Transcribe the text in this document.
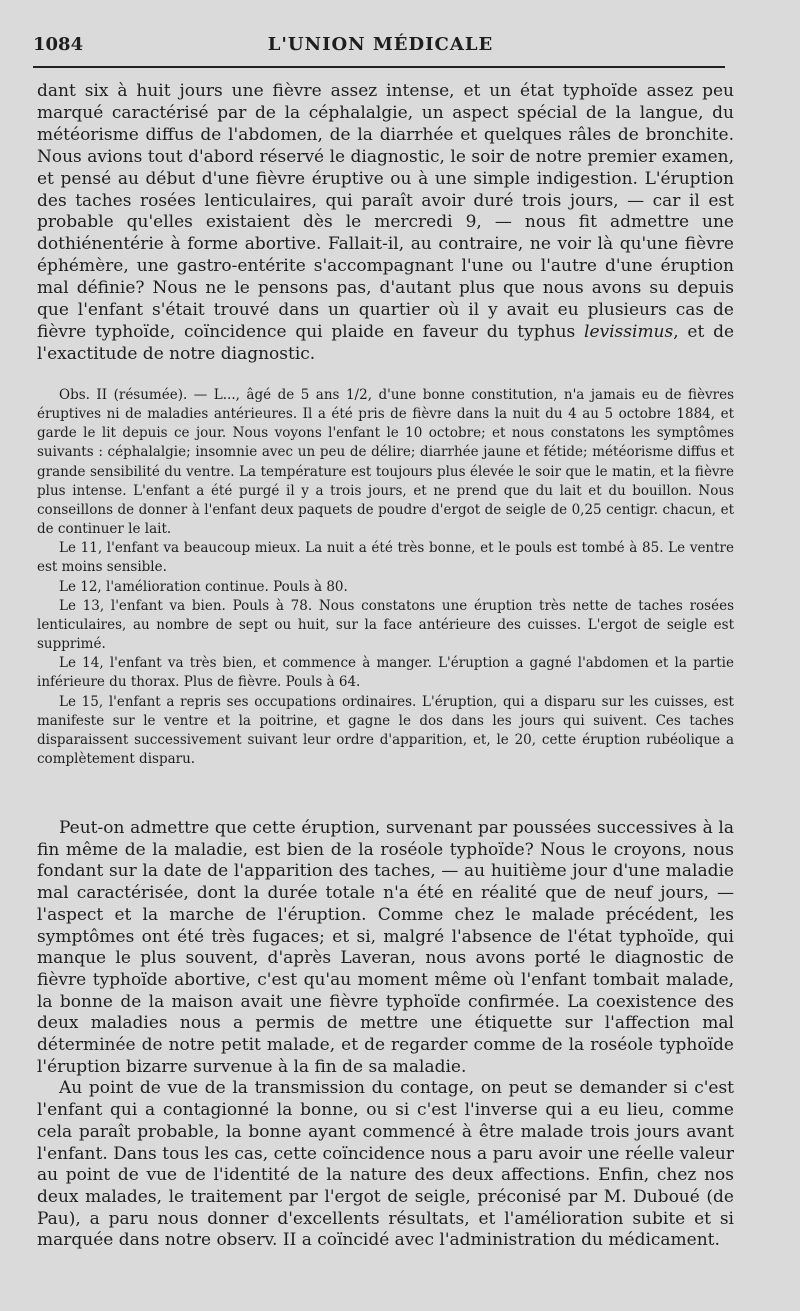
1084	L'UNION MÉDICALE

dant six à huit jours une fièvre assez intense, et un état typhoïde assez peu marqué caractérisé par de la céphalalgie, un aspect spécial de la langue, du météorisme diffus de l'abdomen, de la diarrhée et quelques râles de bronchite. Nous avions tout d'abord réservé le diagnostic, le soir de notre premier examen, et pensé au début d'une fièvre éruptive ou à une simple indigestion. L'éruption des taches rosées lenticulaires, qui paraît avoir duré trois jours, — car il est probable qu'elles existaient dès le mercredi 9, — nous fit admettre une dothiénentérie à forme abortive. Fallait-il, au contraire, ne voir là qu'une fièvre éphémère, une gastro-entérite s'accompagnant l'une ou l'autre d'une éruption mal définie? Nous ne le pensons pas, d'autant plus que nous avons su depuis que l'enfant s'était trouvé dans un quartier où il y avait eu plusieurs cas de fièvre typhoïde, coïncidence qui plaide en faveur du typhus levissimus, et de l'exactitude de notre diagnostic.

Obs. II (résumée). — L..., âgé de 5 ans 1/2, d'une bonne constitution, n'a jamais eu de fièvres éruptives ni de maladies antérieures. Il a été pris de fièvre dans la nuit du 4 au 5 octobre 1884, et garde le lit depuis ce jour. Nous voyons l'enfant le 10 octobre; et nous constatons les symptômes suivants : céphalalgie; insomnie avec un peu de délire; diarrhée jaune et fétide; météorisme diffus et grande sensibilité du ventre. La température est toujours plus élevée le soir que le matin, et la fièvre plus intense. L'enfant a été purgé il y a trois jours, et ne prend que du lait et du bouillon. Nous conseillons de donner à l'enfant deux paquets de poudre d'ergot de seigle de 0,25 centigr. chacun, et de continuer le lait.

Le 11, l'enfant va beaucoup mieux. La nuit a été très bonne, et le pouls est tombé à 85. Le ventre est moins sensible.

Le 12, l'amélioration continue. Pouls à 80.

Le 13, l'enfant va bien. Pouls à 78. Nous constatons une éruption très nette de taches rosées lenticulaires, au nombre de sept ou huit, sur la face antérieure des cuisses. L'ergot de seigle est supprimé.

Le 14, l'enfant va très bien, et commence à manger. L'éruption a gagné l'abdomen et la partie inférieure du thorax. Plus de fièvre. Pouls à 64.

Le 15, l'enfant a repris ses occupations ordinaires. L'éruption, qui a disparu sur les cuisses, est manifeste sur le ventre et la poitrine, et gagne le dos dans les jours qui suivent. Ces taches disparaissent successivement suivant leur ordre d'apparition, et, le 20, cette éruption rubéolique a complètement disparu.

Peut-on admettre que cette éruption, survenant par poussées successives à la fin même de la maladie, est bien de la roséole typhoïde? Nous le croyons, nous fondant sur la date de l'apparition des taches, — au huitième jour d'une maladie mal caractérisée, dont la durée totale n'a été en réalité que de neuf jours, — l'aspect et la marche de l'éruption. Comme chez le malade précédent, les symptômes ont été très fugaces; et si, malgré l'absence de l'état typhoïde, qui manque le plus souvent, d'après Laveran, nous avons porté le diagnostic de fièvre typhoïde abortive, c'est qu'au moment même où l'enfant tombait malade, la bonne de la maison avait une fièvre typhoïde confirmée. La coexistence des deux maladies nous a permis de mettre une étiquette sur l'affection mal déterminée de notre petit malade, et de regarder comme de la roséole typhoïde l'éruption bizarre survenue à la fin de sa maladie.

Au point de vue de la transmission du contage, on peut se demander si c'est l'enfant qui a contagionné la bonne, ou si c'est l'inverse qui a eu lieu, comme cela paraît probable, la bonne ayant commencé à être malade trois jours avant l'enfant. Dans tous les cas, cette coïncidence nous a paru avoir une réelle valeur au point de vue de l'identité de la nature des deux affections. Enfin, chez nos deux malades, le traitement par l'ergot de seigle, préconisé par M. Duboué (de Pau), a paru nous donner d'excellents résultats, et l'amélioration subite et si marquée dans notre observ. II a coïncidé avec l'administration du médicament.
